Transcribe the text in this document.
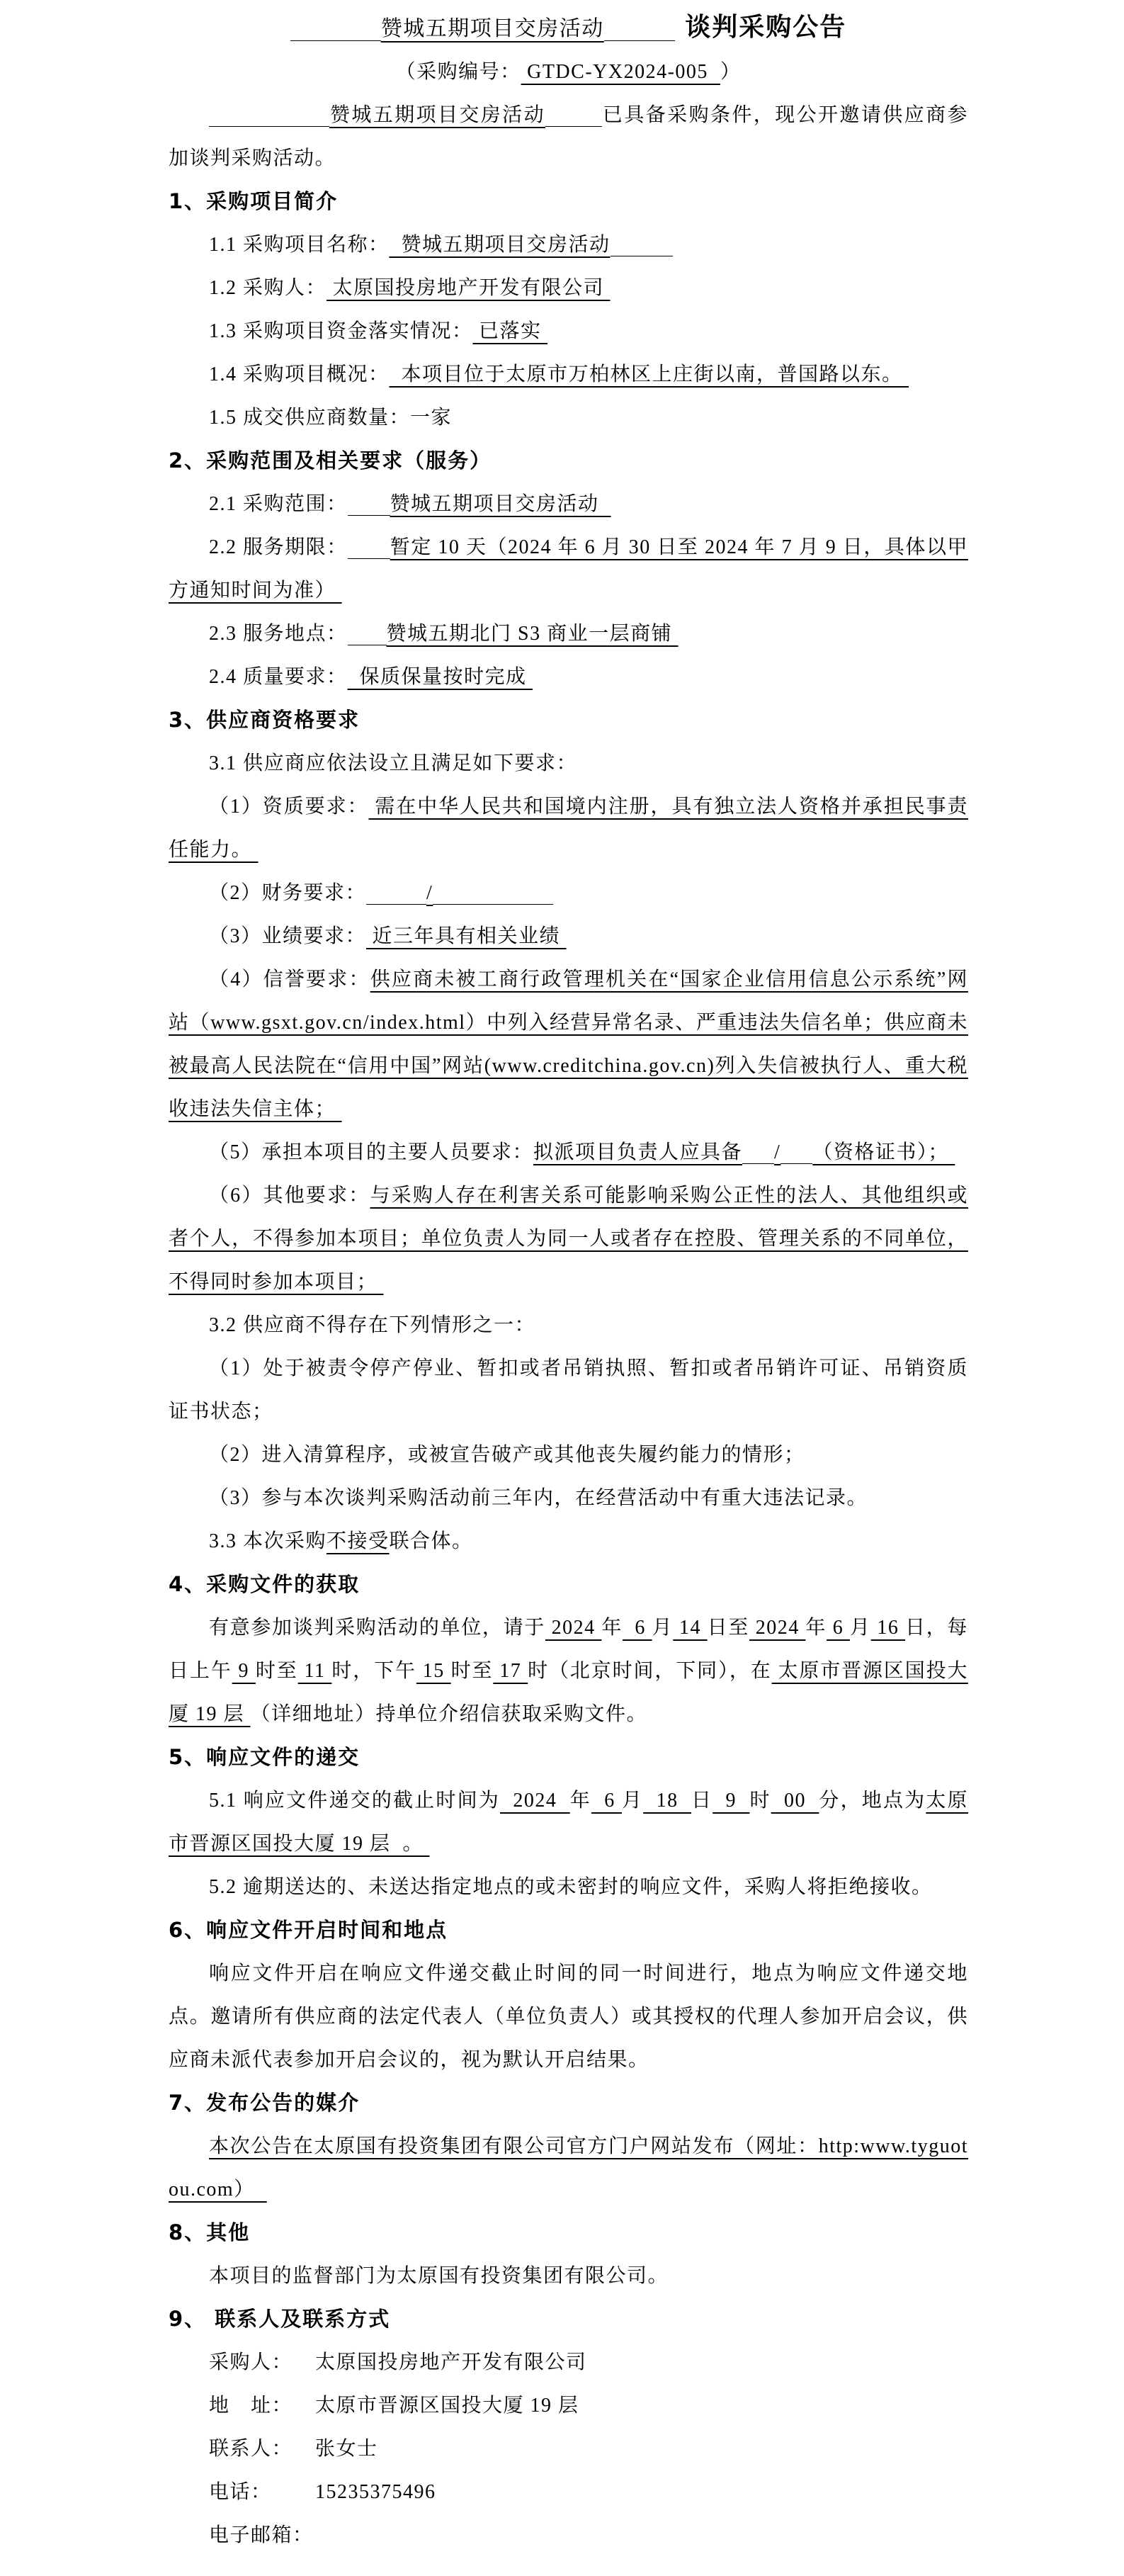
赞城五期项目交房活动	谈判采购公告
（采购编号： GTDC-YX2024-005  ）
赞城五期项目交房活动	已具备采购条件，现公开邀请供应商参加谈判采购活动。
1、采购项目简介
1.1 采购项目名称：  赞城五期项目交房活动
1.2 采购人： 太原国投房地产开发有限公司
1.3 采购项目资金落实情况： 已落实
1.4 采购项目概况：  本项目位于太原市万柏林区上庄街以南，普国路以东。
1.5 成交供应商数量：一家
2、采购范围及相关要求（服务）
2.1 采购范围： 赞城五期项目交房活动
2.2 服务期限： 暂定 10 天（2024 年 6 月 30 日至 2024 年 7 月 9 日，具体以甲方通知时间为准）
2.3 服务地点： 赞城五期北门 S3 商业一层商铺
2.4 质量要求：  保质保量按时完成
3、供应商资格要求
3.1 供应商应依法设立且满足如下要求：
（1）资质要求： 需在中华人民共和国境内注册，具有独立法人资格并承担民事责任能力。
（2）财务要求：	/
（3）业绩要求： 近三年具有相关业绩
（4）信誉要求：供应商未被工商行政管理机关在“国家企业信用信息公示系统”网站（www.gsxt.gov.cn/index.html）中列入经营异常名录、严重违法失信名单；供应商未被最高人民法院在“信用中国”网站(www.creditchina.gov.cn)列入失信被执行人、重大税收违法失信主体；
（5）承担本项目的主要人员要求：拟派项目负责人应具备 / （资格证书）；
（6）其他要求：与采购人存在利害关系可能影响采购公正性的法人、其他组织或者个人，不得参加本项目；单位负责人为同一人或者存在控股、管理关系的不同单位，不得同时参加本项目；
3.2 供应商不得存在下列情形之一：
（1）处于被责令停产停业、暂扣或者吊销执照、暂扣或者吊销许可证、吊销资质证书状态；
（2）进入清算程序，或被宣告破产或其他丧失履约能力的情形；
（3）参与本次谈判采购活动前三年内，在经营活动中有重大违法记录。
3.3 本次采购不接受联合体。
4、采购文件的获取
有意参加谈判采购活动的单位，请于 2024 年  6 月 14 日至 2024 年 6 月 16 日，每日上午 9 时至 11 时，下午 15 时至 17 时（北京时间，下同），在 太原市晋源区国投大厦 19 层 （详细地址）持单位介绍信获取采购文件。
5、响应文件的递交
5.1 响应文件递交的截止时间为  2024  年  6 月  18  日  9  时  00  分，地点为太原市晋源区国投大厦 19 层  。
5.2 逾期送达的、未送达指定地点的或未密封的响应文件，采购人将拒绝接收。
6、响应文件开启时间和地点
响应文件开启在响应文件递交截止时间的同一时间进行，地点为响应文件递交地点。邀请所有供应商的法定代表人（单位负责人）或其授权的代理人参加开启会议，供应商未派代表参加开启会议的，视为默认开启结果。
7、发布公告的媒介
本次公告在太原国有投资集团有限公司官方门户网站发布（网址：http:www.tyguotou.com）
8、其他
本项目的监督部门为太原国有投资集团有限公司。
9、 联系人及联系方式
采购人： 太原国投房地产开发有限公司
地　址： 太原市晋源区国投大厦 19 层
联系人： 张女士
电话： 15235375496
电子邮箱：
